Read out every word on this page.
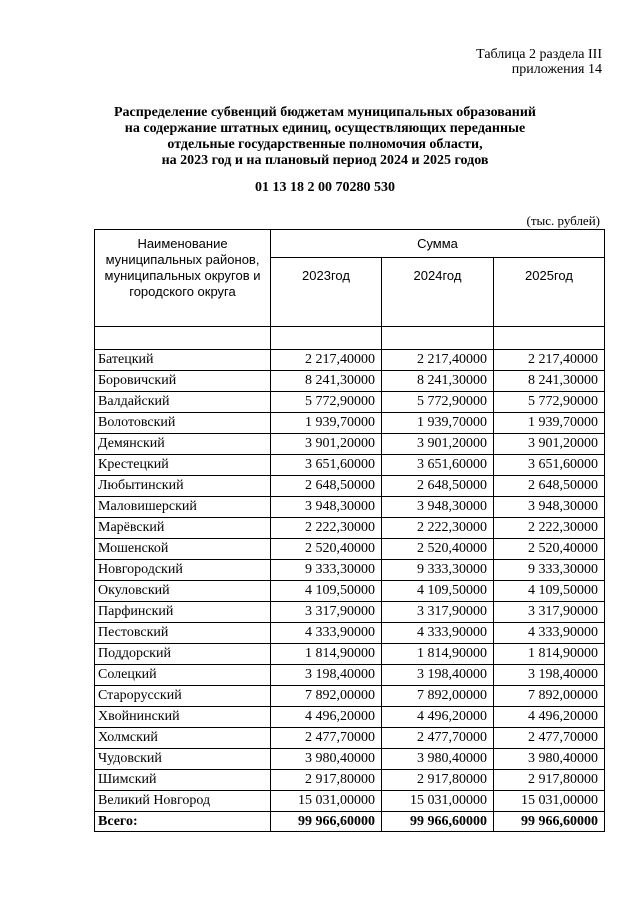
Таблица 2 раздела III
приложения 14
Распределение субвенций бюджетам муниципальных образований
на содержание штатных единиц, осуществляющих переданные
отдельные государственные полномочия области,
на 2023 год и на плановый период 2024 и 2025 годов
01 13 18 2 00 70280 530
(тыс. рублей)
Наименование муниципальных районов, муниципальных округов и городского округа	Сумма		
	2023год	2024год	2025год

Батецкий	2 217,40000	2 217,40000	2 217,40000
Боровичский	8 241,30000	8 241,30000	8 241,30000
Валдайский	5 772,90000	5 772,90000	5 772,90000
Волотовский	1 939,70000	1 939,70000	1 939,70000
Демянский	3 901,20000	3 901,20000	3 901,20000
Крестецкий	3 651,60000	3 651,60000	3 651,60000
Любытинский	2 648,50000	2 648,50000	2 648,50000
Маловишерский	3 948,30000	3 948,30000	3 948,30000
Марёвский	2 222,30000	2 222,30000	2 222,30000
Мошенской	2 520,40000	2 520,40000	2 520,40000
Новгородский	9 333,30000	9 333,30000	9 333,30000
Окуловский	4 109,50000	4 109,50000	4 109,50000
Парфинский	3 317,90000	3 317,90000	3 317,90000
Пестовский	4 333,90000	4 333,90000	4 333,90000
Поддорский	1 814,90000	1 814,90000	1 814,90000
Солецкий	3 198,40000	3 198,40000	3 198,40000
Старорусский	7 892,00000	7 892,00000	7 892,00000
Хвойнинский	4 496,20000	4 496,20000	4 496,20000
Холмский	2 477,70000	2 477,70000	2 477,70000
Чудовский	3 980,40000	3 980,40000	3 980,40000
Шимский	2 917,80000	2 917,80000	2 917,80000
Великий Новгород	15 031,00000	15 031,00000	15 031,00000
Всего:	99 966,60000	99 966,60000	99 966,60000
